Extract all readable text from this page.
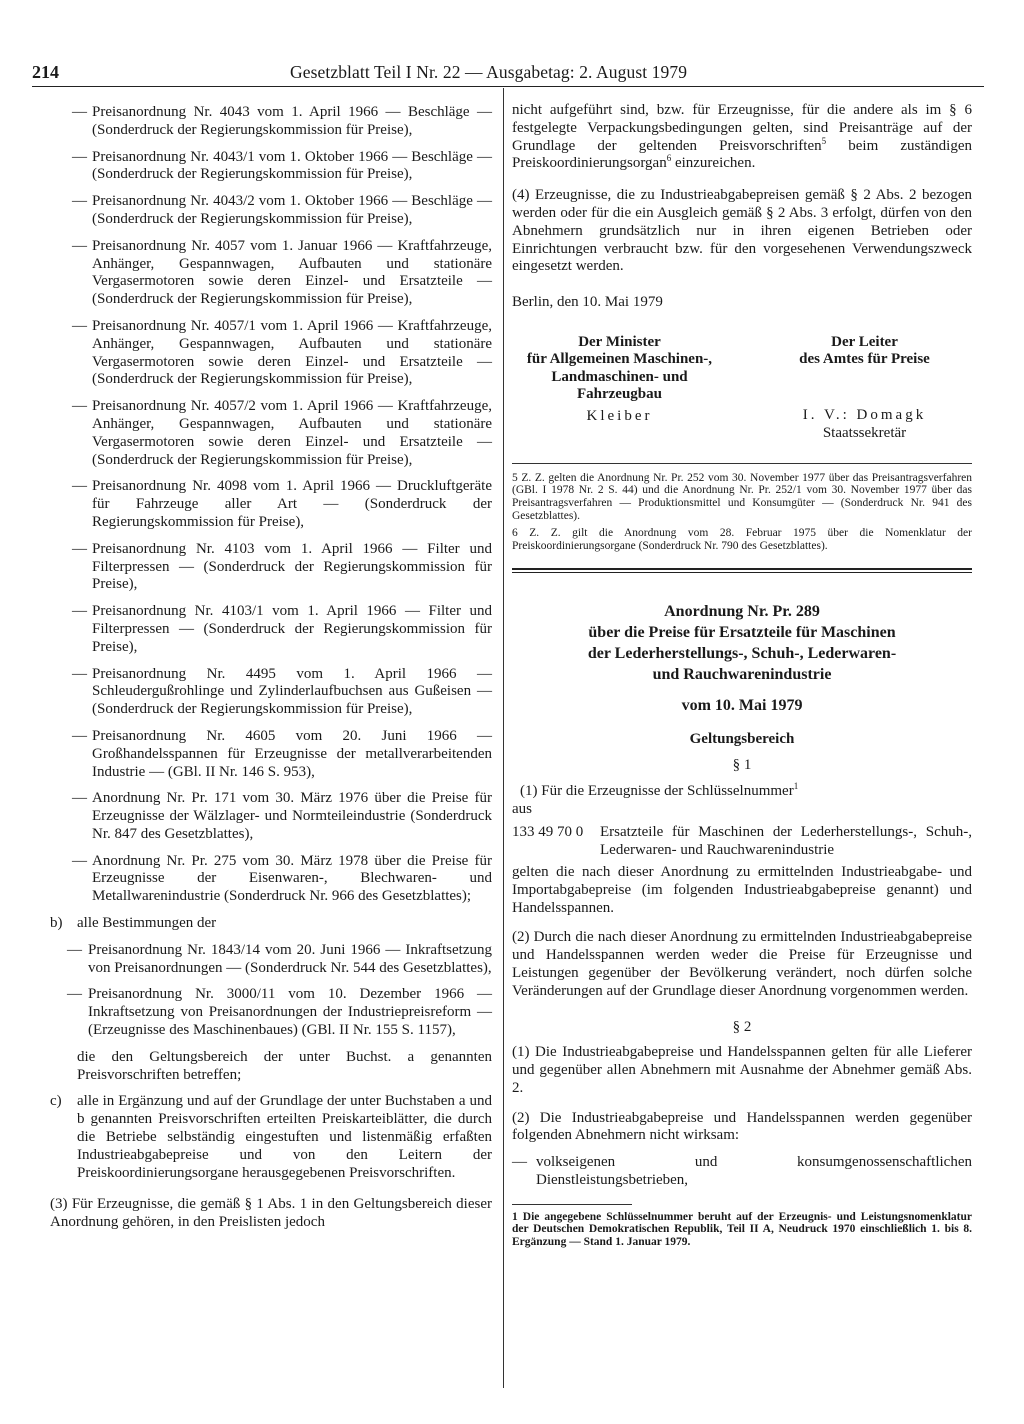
214	Gesetzblatt Teil I Nr. 22 — Ausgabetag: 2. August 1979
— Preisanordnung Nr. 4043 vom 1. April 1966 — Beschläge — (Sonderdruck der Regierungskommission für Preise),
— Preisanordnung Nr. 4043/1 vom 1. Oktober 1966 — Beschläge — (Sonderdruck der Regierungskommission für Preise),
— Preisanordnung Nr. 4043/2 vom 1. Oktober 1966 — Beschläge — (Sonderdruck der Regierungskommission für Preise),
— Preisanordnung Nr. 4057 vom 1. Januar 1966 — Kraftfahrzeuge, Anhänger, Gespannwagen, Aufbauten und stationäre Vergasermotoren sowie deren Einzel- und Ersatzteile — (Sonderdruck der Regierungskommission für Preise),
— Preisanordnung Nr. 4057/1 vom 1. April 1966 — Kraftfahrzeuge, Anhänger, Gespannwagen, Aufbauten und stationäre Vergasermotoren sowie deren Einzel- und Ersatzteile — (Sonderdruck der Regierungskommission für Preise),
— Preisanordnung Nr. 4057/2 vom 1. April 1966 — Kraftfahrzeuge, Anhänger, Gespannwagen, Aufbauten und stationäre Vergasermotoren sowie deren Einzel- und Ersatzteile — (Sonderdruck der Regierungskommission für Preise),
— Preisanordnung Nr. 4098 vom 1. April 1966 — Druckluftgeräte für Fahrzeuge aller Art — (Sonderdruck der Regierungskommission für Preise),
— Preisanordnung Nr. 4103 vom 1. April 1966 — Filter und Filterpressen — (Sonderdruck der Regierungskommission für Preise),
— Preisanordnung Nr. 4103/1 vom 1. April 1966 — Filter und Filterpressen — (Sonderdruck der Regierungskommission für Preise),
— Preisanordnung Nr. 4495 vom 1. April 1966 — Schleudergußrohlinge und Zylinderlaufbuchsen aus Gußeisen — (Sonderdruck der Regierungskommission für Preise),
— Preisanordnung Nr. 4605 vom 20. Juni 1966 — Großhandelsspannen für Erzeugnisse der metallverarbeitenden Industrie — (GBl. II Nr. 146 S. 953),
— Anordnung Nr. Pr. 171 vom 30. März 1976 über die Preise für Erzeugnisse der Wälzlager- und Normteileindustrie (Sonderdruck Nr. 847 des Gesetzblattes),
— Anordnung Nr. Pr. 275 vom 30. März 1978 über die Preise für Erzeugnisse der Eisenwaren-, Blechwaren- und Metallwarenindustrie (Sonderdruck Nr. 966 des Gesetzblattes);
b) alle Bestimmungen der
— Preisanordnung Nr. 1843/14 vom 20. Juni 1966 — Inkraftsetzung von Preisanordnungen — (Sonderdruck Nr. 544 des Gesetzblattes),
— Preisanordnung Nr. 3000/11 vom 10. Dezember 1966 — Inkraftsetzung von Preisanordnungen der Industriepreisreform — (Erzeugnisse des Maschinenbaues) (GBl. II Nr. 155 S. 1157),

die den Geltungsbereich der unter Buchst. a genannten Preisvorschriften betreffen;

c) alle in Ergänzung und auf der Grundlage der unter Buchstaben a und b genannten Preisvorschriften erteilten Preiskarteiblätter, die durch die Betriebe selbständig eingestuften und listenmäßig erfaßten Industrieabgabepreise und von den Leitern der Preiskoordinierungsorgane herausgegebenen Preisvorschriften.

(3) Für Erzeugnisse, die gemäß § 1 Abs. 1 in den Geltungsbereich dieser Anordnung gehören, in den Preislisten jedoch

nicht aufgeführt sind, bzw. für Erzeugnisse, für die andere als im § 6 festgelegte Verpackungsbedingungen gelten, sind Preisanträge auf der Grundlage der geltenden Preisvorschriften$^5$ beim zuständigen Preiskoordinierungsorgan$^6$ einzureichen.

(4) Erzeugnisse, die zu Industrieabgabepreisen gemäß § 2 Abs. 2 bezogen werden oder für die ein Ausgleich gemäß § 2 Abs. 3 erfolgt, dürfen von den Abnehmern grundsätzlich nur in ihren eigenen Betrieben oder Einrichtungen verbraucht bzw. für den vorgesehenen Verwendungszweck eingesetzt werden.

Berlin, den 10. Mai 1979

Der Minister
für Allgemeinen Maschinen-,
Landmaschinen- und
Fahrzeugbau
Kleiber
Der Leiter
des Amtes für Preise
I. V.: Domagk
Staatssekretär

5 Z. Z. gelten die Anordnung Nr. Pr. 252 vom 30. November 1977 über das Preisantragsverfahren (GBl. I 1978 Nr. 2 S. 44) und die Anordnung Nr. Pr. 252/1 vom 30. November 1977 über das Preisantragsverfahren — Produktionsmittel und Konsumgüter — (Sonderdruck Nr. 941 des Gesetzblattes).

6 Z. Z. gilt die Anordnung vom 28. Februar 1975 über die Nomenklatur der Preiskoordinierungsorgane (Sonderdruck Nr. 790 des Gesetzblattes).

Anordnung Nr. Pr. 289
über die Preise für Ersatzteile für Maschinen
der Lederherstellungs-, Schuh-, Lederwaren-
und Rauchwarenindustrie
vom 10. Mai 1979
Geltungsbereich
§ 1

(1) Für die Erzeugnisse der Schlüsselnummer$^1$

aus

133 49 70 0	Ersatzteile für Maschinen der Lederherstellungs-, Schuh-, Lederwaren- und Rauchwarenindustrie

gelten die nach dieser Anordnung zu ermittelnden Industrieabgabe- und Importabgabepreise (im folgenden Industrieabgabepreise genannt) und Handelsspannen.

(2) Durch die nach dieser Anordnung zu ermittelnden Industrieabgabepreise und Handelsspannen werden weder die Preise für Erzeugnisse und Leistungen gegenüber der Bevölkerung verändert, noch dürfen solche Veränderungen auf der Grundlage dieser Anordnung vorgenommen werden.

§ 2

(1) Die Industrieabgabepreise und Handelsspannen gelten für alle Lieferer und gegenüber allen Abnehmern mit Ausnahme der Abnehmer gemäß Abs. 2.

(2) Die Industrieabgabepreise und Handelsspannen werden gegenüber folgenden Abnehmern nicht wirksam:

— volkseigenen und konsumgenossenschaftlichen Dienstleistungsbetrieben,

1 Die angegebene Schlüsselnummer beruht auf der Erzeugnis- und Leistungsnomenklatur der Deutschen Demokratischen Republik, Teil II A, Neudruck 1970 einschließlich 1. bis 8. Ergänzung — Stand 1. Januar 1979.
